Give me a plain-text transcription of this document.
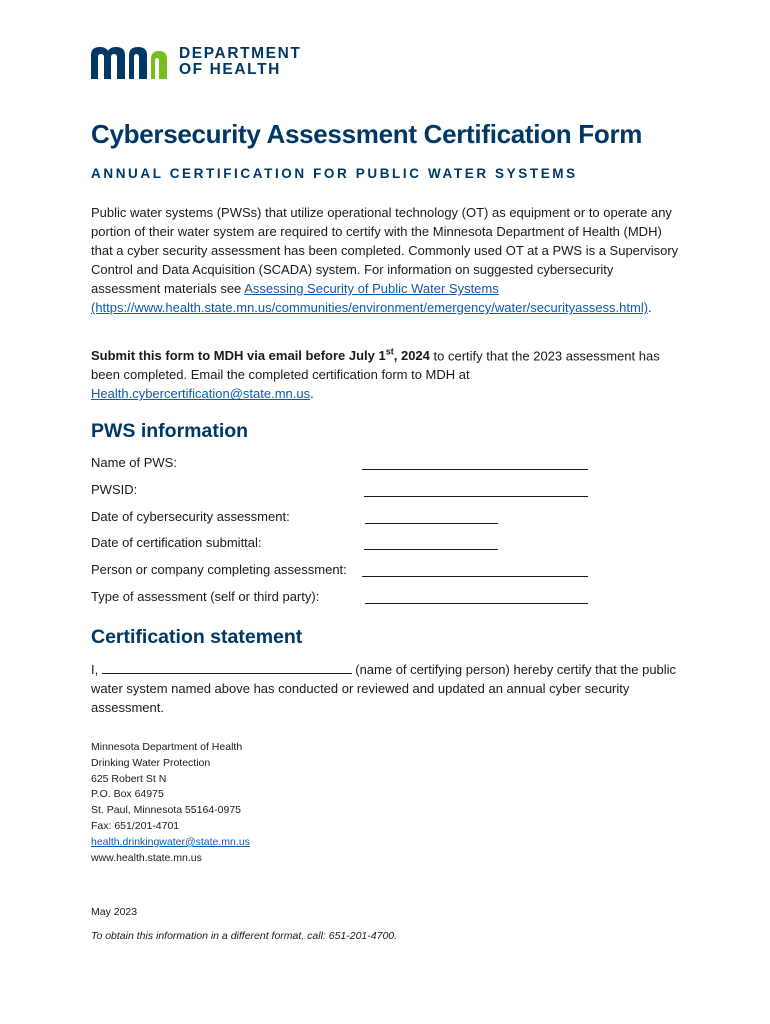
DEPARTMENT
OF HEALTH
Cybersecurity Assessment Certification Form
ANNUAL CERTIFICATION FOR PUBLIC WATER SYSTEMS
Public water systems (PWSs) that utilize operational technology (OT) as equipment or to operate any portion of their water system are required to certify with the Minnesota Department of Health (MDH) that a cyber security assessment has been completed. Commonly used OT at a PWS is a Supervisory Control and Data Acquisition (SCADA) system. For information on suggested cybersecurity assessment materials see Assessing Security of Public Water Systems (https://www.health.state.mn.us/communities/environment/emergency/water/securityassess.html).
Submit this form to MDH via email before July 1st, 2024 to certify that the 2023 assessment has been completed. Email the completed certification form to MDH at Health.cybercertification@state.mn.us.
PWS information
Name of PWS:
PWSID:
Date of cybersecurity assessment:
Date of certification submittal:
Person or company completing assessment:
Type of assessment (self or third party):
Certification statement
I,	(name of certifying person) hereby certify that the public water system named above has conducted or reviewed and updated an annual cyber security assessment.
Minnesota Department of Health
Drinking Water Protection
625 Robert St N
P.O. Box 64975
St. Paul, Minnesota 55164-0975
Fax: 651/201-4701
health.drinkingwater@state.mn.us
www.health.state.mn.us
May 2023
To obtain this information in a different format, call: 651-201-4700.
